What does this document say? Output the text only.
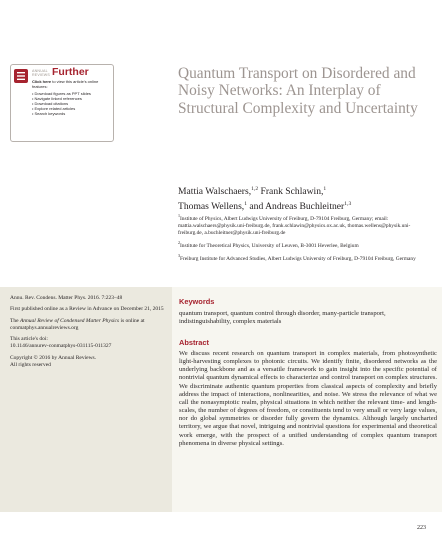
ANNUAL
REVIEWS Further
Click here to view this article's online features:
• Download figures as PPT slides
• Navigate linked references
• Download citations
• Explore related articles
• Search keywords
Quantum Transport on Disordered and Noisy Networks: An Interplay of Structural Complexity and Uncertainty
Mattia Walschaers,$^{1,2}$ Frank Schlawin,$^1$
Thomas Wellens,$^1$ and Andreas Buchleitner$^{1,3}$
$^1$Institute of Physics, Albert Ludwigs University of Freiburg, D-79104 Freiburg, Germany; email: mattia.walschaers@physik.uni-freiburg.de, frank.schlawin@physics.ox.ac.uk, thomas.wellens@physik.uni-freiburg.de, a.buchleitner@physik.uni-freiburg.de
$^2$Institute for Theoretical Physics, University of Leuven, B-3001 Heverlee, Belgium
$^3$Freiburg Institute for Advanced Studies, Albert Ludwigs University of Freiburg, D-79104 Freiburg, Germany

Annu. Rev. Condens. Matter Phys. 2016. 7:223–48

First published online as a Review in Advance on December 21, 2015

The Annual Review of Condensed Matter Physics is online at conmatphys.annualreviews.org

This article's doi:
10.1146/annurev-conmatphys-031115-011327

Copyright © 2016 by Annual Reviews.
All rights reserved

Keywords
quantum transport, quantum control through disorder, many-particle transport, indistinguishability, complex materials
Abstract
We discuss recent research on quantum transport in complex materials, from photosynthetic light-harvesting complexes to photonic circuits. We identify finite, disordered networks as the underlying backbone and as a versatile framework to gain insight into the specific potential of nontrivial quantum dynamical effects to characterize and control transport on complex structures. We discriminate authentic quantum properties from classical aspects of complexity and briefly address the impact of interactions, nonlinearities, and noise. We stress the relevance of what we call the nonasymptotic realm, physical situations in which neither the relevant time- and length-scales, the number of degrees of freedom, or constituents tend to very small or very large values, nor do global symmetries or disorder fully govern the dynamics. Although largely uncharted territory, we argue that novel, intriguing and nontrivial questions for experimental and theoretical work emerge, with the prospect of a unified understanding of complex quantum transport phenomena in diverse physical settings.
223
